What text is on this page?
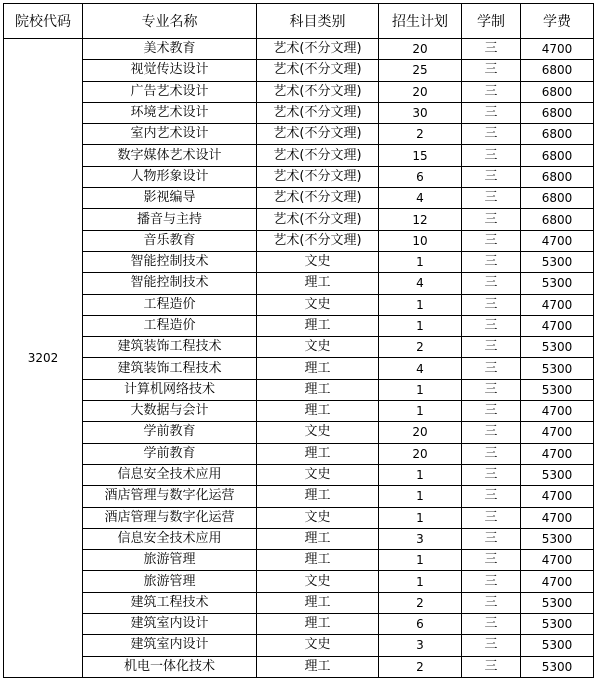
院校代码	专业名称	科目类别	招生计划	学制	学费
3202	美术教育	艺术(不分文理)	20	三	4700
	视觉传达设计	艺术(不分文理)	25	三	6800
	广告艺术设计	艺术(不分文理)	20	三	6800
	环境艺术设计	艺术(不分文理)	30	三	6800
	室内艺术设计	艺术(不分文理)	2	三	6800
	数字媒体艺术设计	艺术(不分文理)	15	三	6800
	人物形象设计	艺术(不分文理)	6	三	6800
	影视编导	艺术(不分文理)	4	三	6800
	播音与主持	艺术(不分文理)	12	三	6800
	音乐教育	艺术(不分文理)	10	三	4700
	智能控制技术	文史	1	三	5300
	智能控制技术	理工	4	三	5300
	工程造价	文史	1	三	4700
	工程造价	理工	1	三	4700
	建筑装饰工程技术	文史	2	三	5300
	建筑装饰工程技术	理工	4	三	5300
	计算机网络技术	理工	1	三	5300
	大数据与会计	理工	1	三	4700
	学前教育	文史	20	三	4700
	学前教育	理工	20	三	4700
	信息安全技术应用	文史	1	三	5300
	酒店管理与数字化运营	理工	1	三	4700
	酒店管理与数字化运营	文史	1	三	4700
	信息安全技术应用	理工	3	三	5300
	旅游管理	理工	1	三	4700
	旅游管理	文史	1	三	4700
	建筑工程技术	理工	2	三	5300
	建筑室内设计	理工	6	三	5300
	建筑室内设计	文史	3	三	5300
	机电一体化技术	理工	2	三	5300
